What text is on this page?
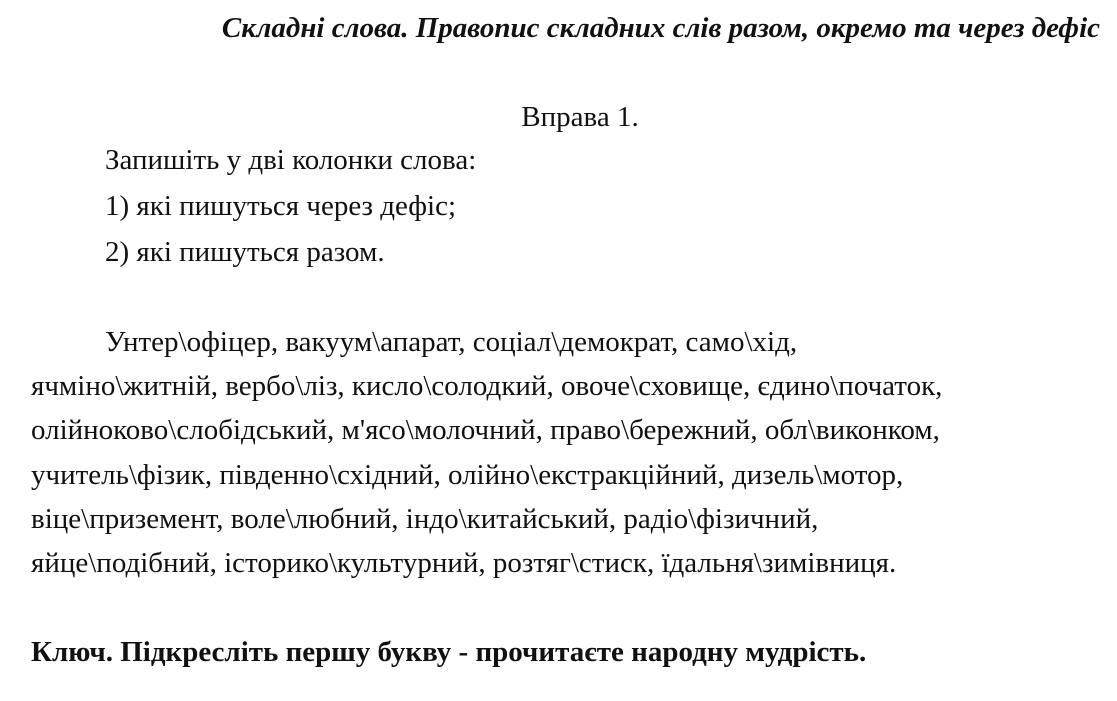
Складні слова. Правопис складних слів разом, окремо та через дефіс
Вправа 1.
Запишіть у дві колонки слова:
1) які пишуться через дефіс;
2) які пишуться разом.
Унтер\офіцер, вакуум\апарат, соціал\демократ, само\хід,
ячміно\житній, вербо\ліз, кисло\солодкий, овоче\сховище, єдино\початок,
олійноково\слобідський, м'ясо\молочний, право\бережний, обл\виконком,
учитель\фізик, південно\східний, олійно\екстракційний, дизель\мотор,
віце\приземент, воле\любний, індо\китайський, радіо\фізичний,
яйце\подібний, історико\культурний, розтяг\стиск, їдальня\зимівниця.
Ключ. Підкресліть першу букву - прочитаєте народну мудрість.
